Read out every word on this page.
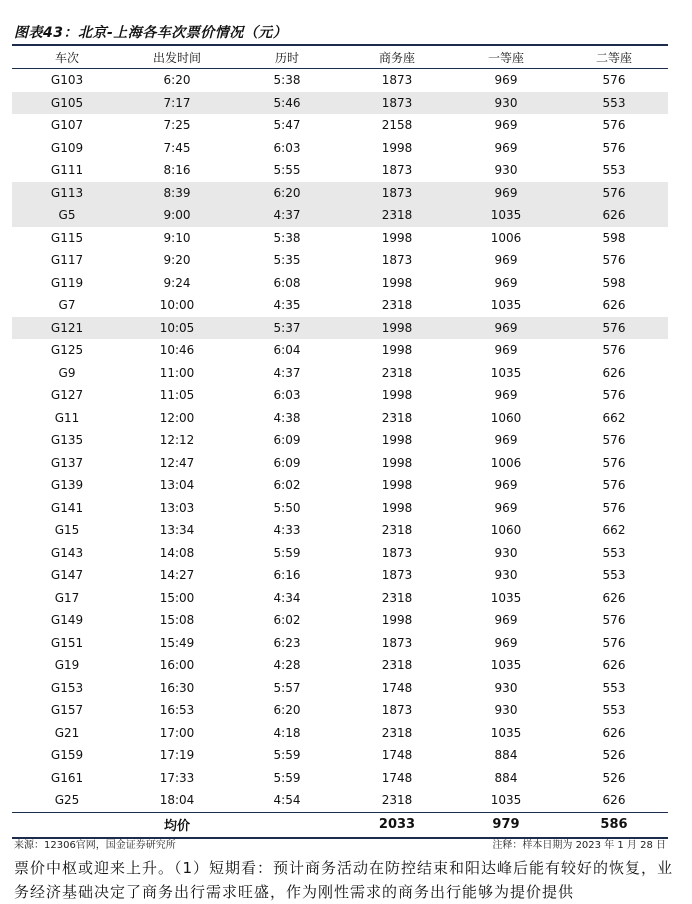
图表43：北京-上海各车次票价情况（元）
车次	出发时间	历时	商务座	一等座	二等座
G103	6:20	5:38	1873	969	576
G105	7:17	5:46	1873	930	553
G107	7:25	5:47	2158	969	576
G109	7:45	6:03	1998	969	576
G111	8:16	5:55	1873	930	553
G113	8:39	6:20	1873	969	576
G5	9:00	4:37	2318	1035	626
G115	9:10	5:38	1998	1006	598
G117	9:20	5:35	1873	969	576
G119	9:24	6:08	1998	969	598
G7	10:00	4:35	2318	1035	626
G121	10:05	5:37	1998	969	576
G125	10:46	6:04	1998	969	576
G9	11:00	4:37	2318	1035	626
G127	11:05	6:03	1998	969	576
G11	12:00	4:38	2318	1060	662
G135	12:12	6:09	1998	969	576
G137	12:47	6:09	1998	1006	576
G139	13:04	6:02	1998	969	576
G141	13:03	5:50	1998	969	576
G15	13:34	4:33	2318	1060	662
G143	14:08	5:59	1873	930	553
G147	14:27	6:16	1873	930	553
G17	15:00	4:34	2318	1035	626
G149	15:08	6:02	1998	969	576
G151	15:49	6:23	1873	969	576
G19	16:00	4:28	2318	1035	626
G153	16:30	5:57	1748	930	553
G157	16:53	6:20	1873	930	553
G21	17:00	4:18	2318	1035	626
G159	17:19	5:59	1748	884	526
G161	17:33	5:59	1748	884	526
G25	18:04	4:54	2318	1035	626
	均价		2033	979	586
来源：12306官网，国金证券研究所	注释：样本日期为 2023 年 1 月 28 日
票价中枢或迎来上升。（1）短期看：预计商务活动在防控结束和阳达峰后能有较好的恢复，业务经济基础决定了商务出行需求旺盛，作为刚性需求的商务出行能够为提价提供
